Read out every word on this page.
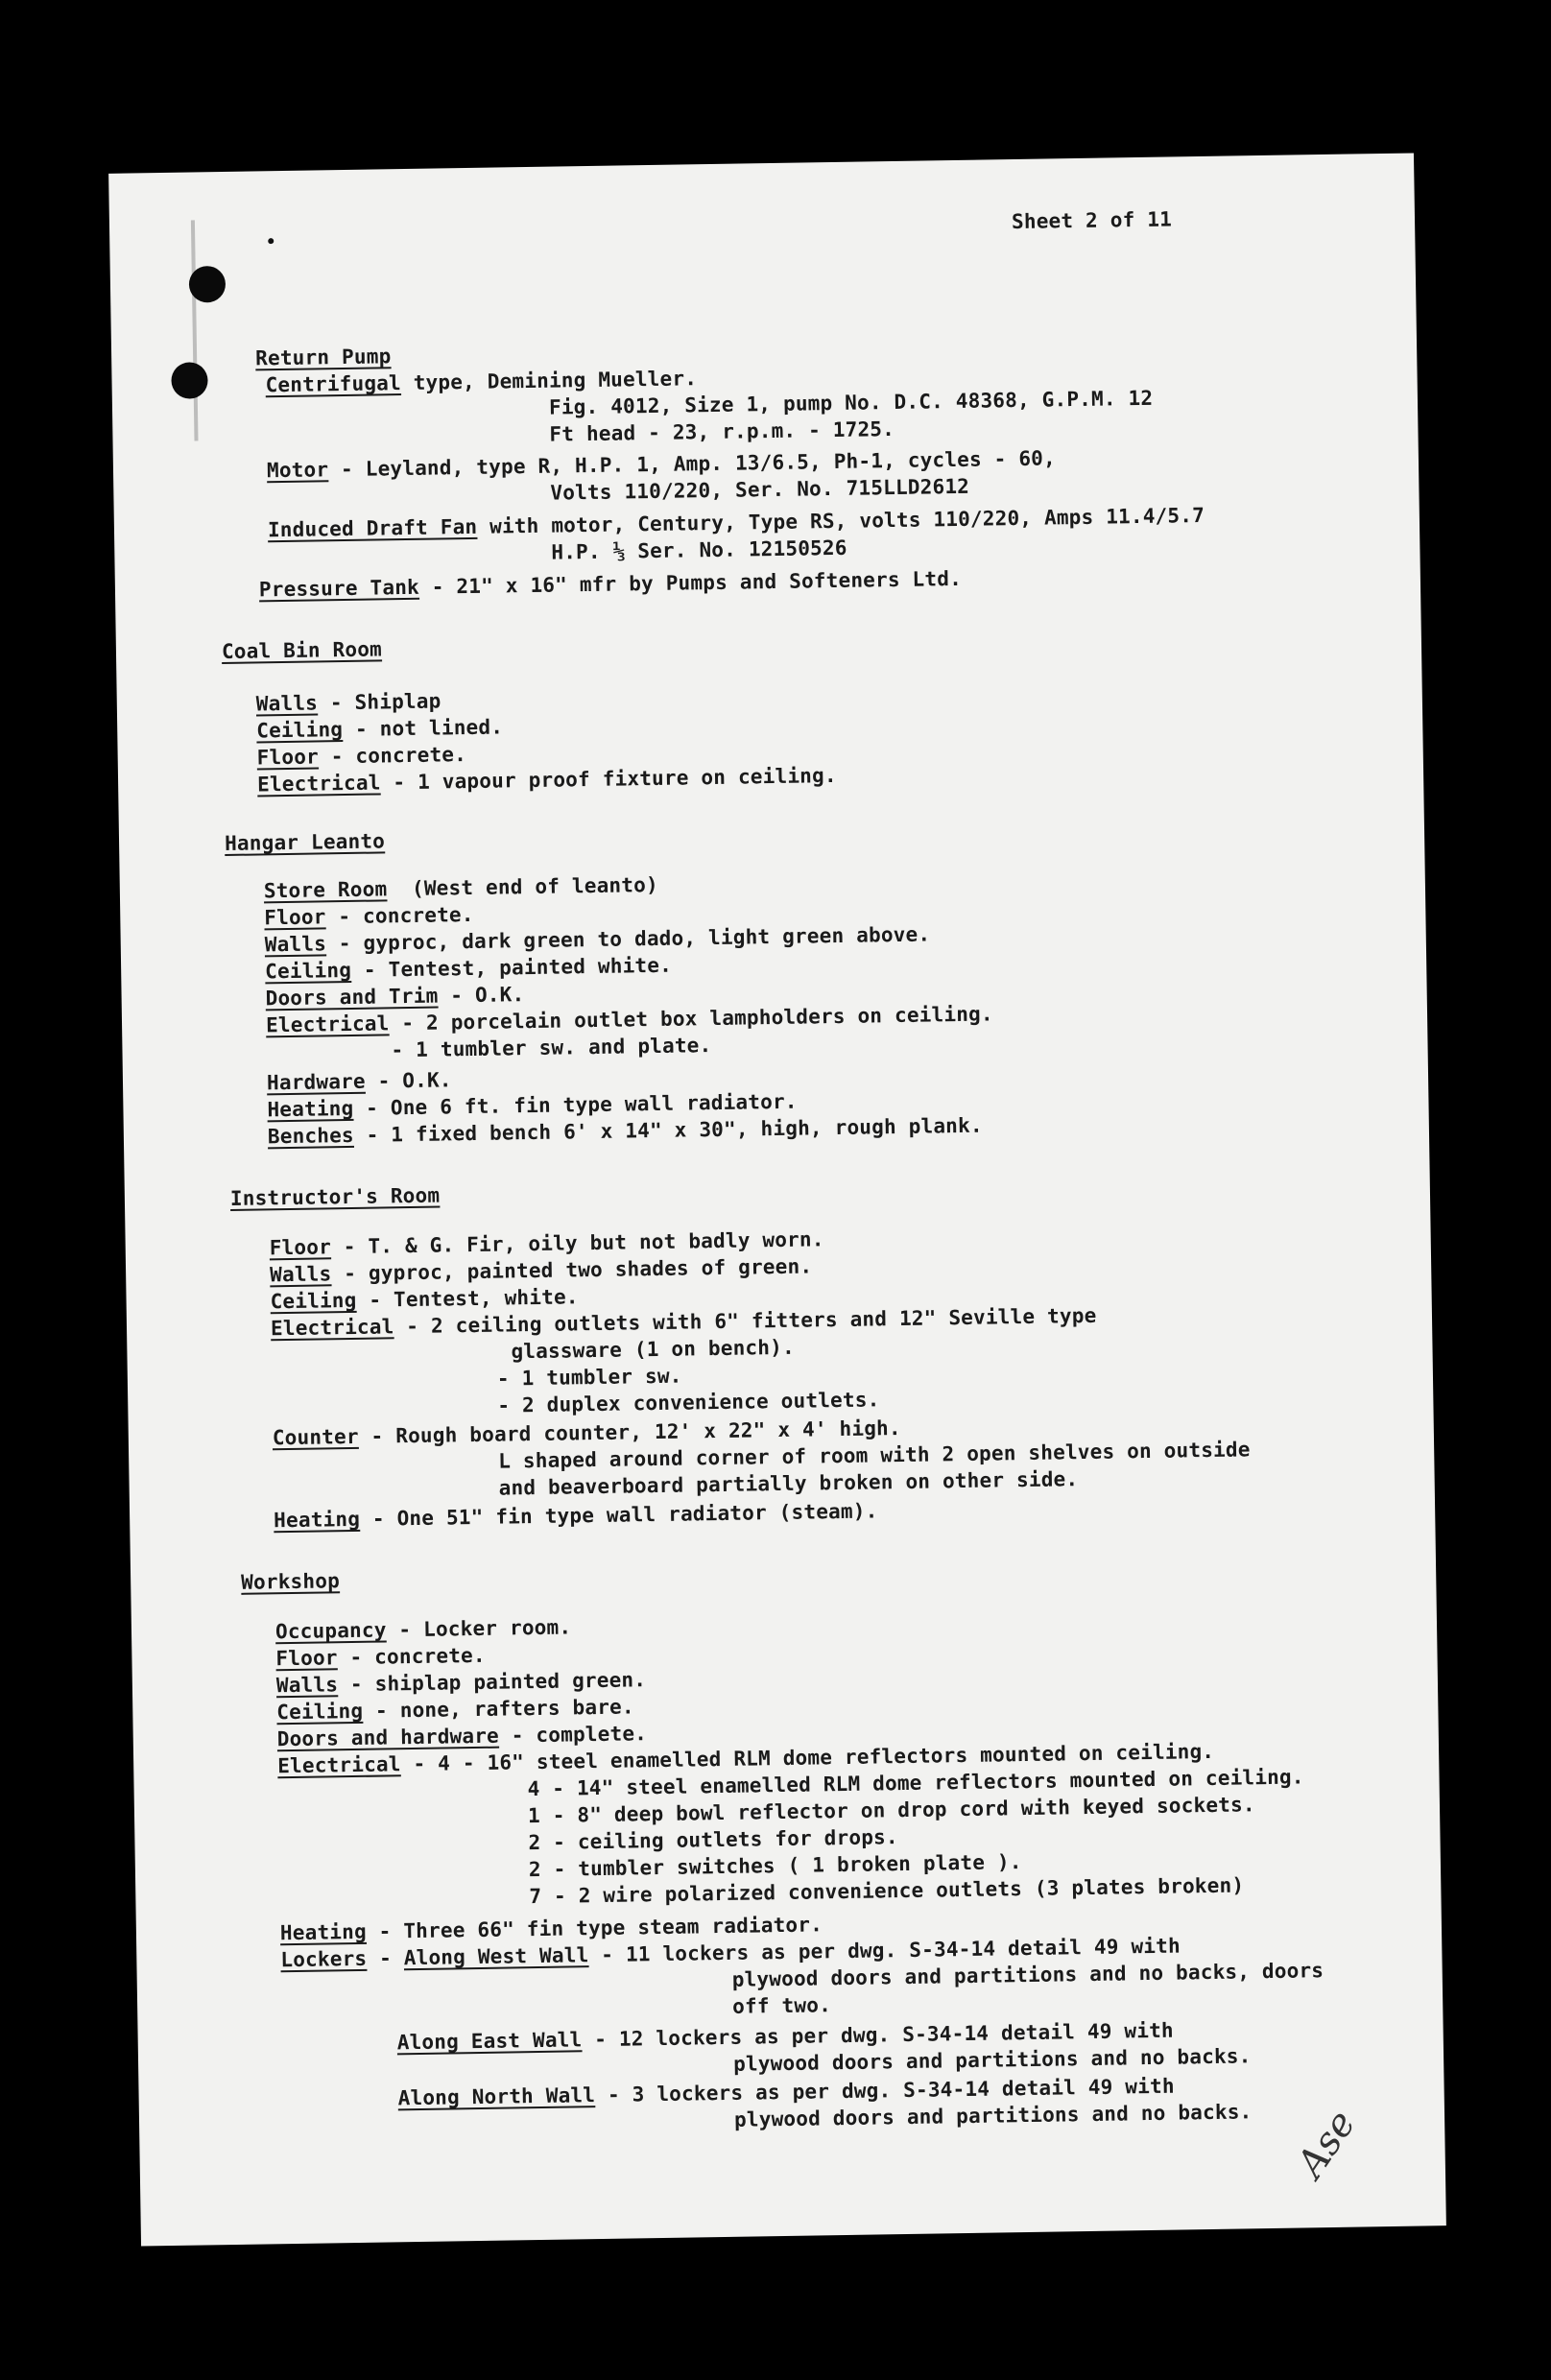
Sheet 2 of 11
Return Pump
Centrifugal type, Demining Mueller.
Fig. 4012, Size 1, pump No. D.C. 48368, G.P.M. 12
Ft head - 23, r.p.m. - 1725.
Motor - Leyland, type R, H.P. 1, Amp. 13/6.5, Ph-1, cycles - 60,
Volts 110/220, Ser. No. 715LLD2612
Induced Draft Fan with motor, Century, Type RS, volts 110/220, Amps 11.4/5.7
H.P. ⅓ Ser. No. 12150526
Pressure Tank - 21" x 16" mfr by Pumps and Softeners Ltd.
Coal Bin Room
Walls - Shiplap
Ceiling - not lined.
Floor - concrete.
Electrical - 1 vapour proof fixture on ceiling.
Hangar Leanto
Store Room  (West end of leanto)
Floor - concrete.
Walls - gyproc, dark green to dado, light green above.
Ceiling - Tentest, painted white.
Doors and Trim - O.K.
Electrical - 2 porcelain outlet box lampholders on ceiling.
- 1 tumbler sw. and plate.
Hardware - O.K.
Heating - One 6 ft. fin type wall radiator.
Benches - 1 fixed bench 6' x 14" x 30", high, rough plank.
Instructor's Room
Floor - T. & G. Fir, oily but not badly worn.
Walls - gyproc, painted two shades of green.
Ceiling - Tentest, white.
Electrical - 2 ceiling outlets with 6" fitters and 12" Seville type
glassware (1 on bench).
- 1 tumbler sw.
- 2 duplex convenience outlets.
Counter - Rough board counter, 12' x 22" x 4' high.
L shaped around corner of room with 2 open shelves on outside
and beaverboard partially broken on other side.
Heating - One 51" fin type wall radiator (steam).
Workshop
Occupancy - Locker room.
Floor - concrete.
Walls - shiplap painted green.
Ceiling - none, rafters bare.
Doors and hardware - complete.
Electrical - 4 - 16" steel enamelled RLM dome reflectors mounted on ceiling.
4 - 14" steel enamelled RLM dome reflectors mounted on ceiling.
1 - 8" deep bowl reflector on drop cord with keyed sockets.
2 - ceiling outlets for drops.
2 - tumbler switches ( 1 broken plate ).
7 - 2 wire polarized convenience outlets (3 plates broken)
Heating - Three 66" fin type steam radiator.
Lockers - Along West Wall - 11 lockers as per dwg. S-34-14 detail 49 with
plywood doors and partitions and no backs, doors
off two.
Along East Wall - 12 lockers as per dwg. S-34-14 detail 49 with
plywood doors and partitions and no backs.
Along North Wall - 3 lockers as per dwg. S-34-14 detail 49 with
plywood doors and partitions and no backs. Ase
